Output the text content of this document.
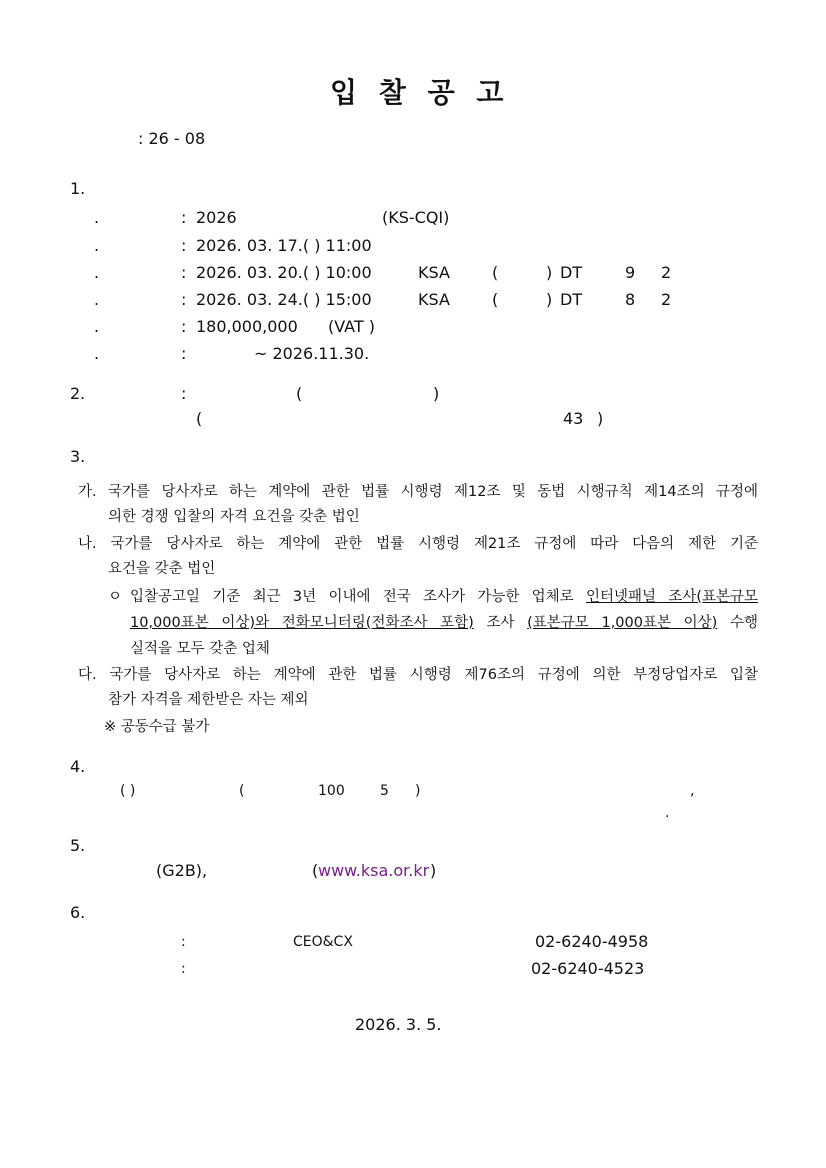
입 찰 공 고
: 26 - 08
1.
.	: 2026	(KS-CQI)
.	: 2026. 03. 17.( ) 11:00
.	: 2026. 03. 20.( ) 10:00	KSA	(	) DT	9 2
.	: 2026. 03. 24.( ) 15:00	KSA	(	) DT	8 2
.	: 180,000,000 (VAT )
.	:	~ 2026.11.30.
2.	:	(	)
(	43 )
3.
가. 국가를 당사자로 하는 계약에 관한 법률 시행령 제12조 및 동법 시행규칙 제14조의 규정에
의한 경쟁 입찰의 자격 요건을 갖춘 법인
나. 국가를 당사자로 하는 계약에 관한 법률 시행령 제21조 규정에 따라 다음의 제한 기준
요건을 갖춘 법인
ㅇ 입찰공고일 기준 최근 3년 이내에 전국 조사가 가능한 업체로 인터넷패널 조사(표본규모
10,000표본 이상)와 전화모니터링(전화조사 포함) 조사 (표본규모 1,000표본 이상) 수행
실적을 모두 갖춘 업체
다. 국가를 당사자로 하는 계약에 관한 법률 시행령 제76조의 규정에 의한 부정당업자로 입찰
참가 자격을 제한받은 자는 제외
※ 공동수급 불가
4.
( )	(	100	5 )	,
.
5.
(G2B),	( www.ksa.or.kr )
6.
:	CEO&CX	02-6240-4958
:	02-6240-4523
2026. 3. 5.
